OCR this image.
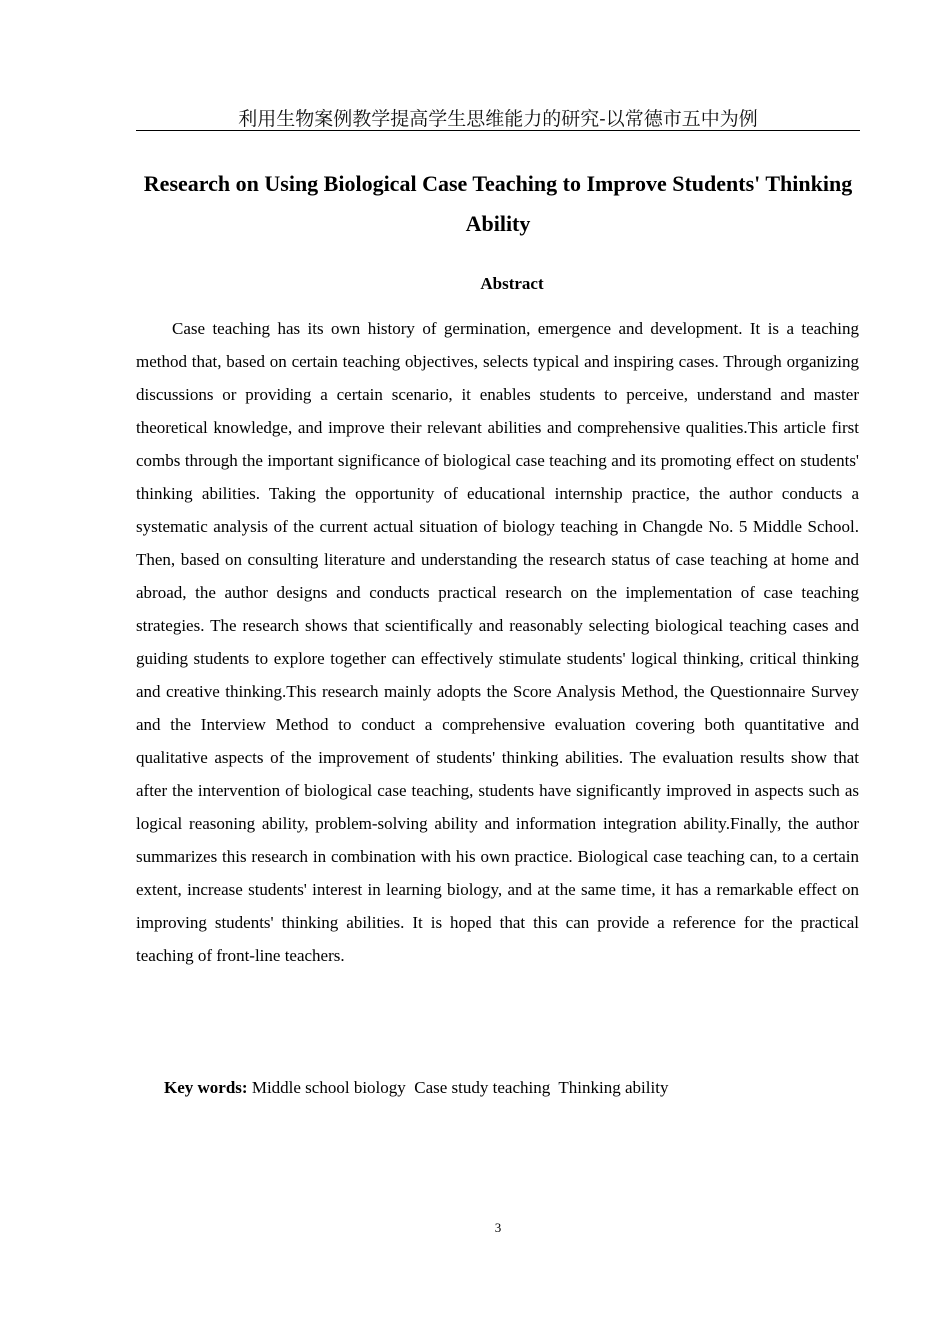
利用生物案例教学提高学生思维能力的研究-以常德市五中为例
Research on Using Biological Case Teaching to Improve Students' Thinking Ability
Abstract

Case teaching has its own history of germination, emergence and development. It is a teaching method that, based on certain teaching objectives, selects typical and inspiring cases. Through organizing discussions or providing a certain scenario, it enables students to perceive, understand and master theoretical knowledge, and improve their relevant abilities and comprehensive qualities.This article first combs through the important significance of biological case teaching and its promoting effect on students' thinking abilities. Taking the opportunity of educational internship practice, the author conducts a systematic analysis of the current actual situation of biology teaching in Changde No. 5 Middle School. Then, based on consulting literature and understanding the research status of case teaching at home and abroad, the author designs and conducts practical research on the implementation of case teaching strategies. The research shows that scientifically and reasonably selecting biological teaching cases and guiding students to explore together can effectively stimulate students' logical thinking, critical thinking and creative thinking.This research mainly adopts the Score Analysis Method, the Questionnaire Survey and the Interview Method to conduct a comprehensive evaluation covering both quantitative and qualitative aspects of the improvement of students' thinking abilities. The evaluation results show that after the intervention of biological case teaching, students have significantly improved in aspects such as logical reasoning ability, problem-solving ability and information integration ability.Finally, the author summarizes this research in combination with his own practice. Biological case teaching can, to a certain extent, increase students' interest in learning biology, and at the same time, it has a remarkable effect on improving students' thinking abilities. It is hoped that this can provide a reference for the practical teaching of front-line teachers.

Key words: Middle school biology  Case study teaching  Thinking ability
3
